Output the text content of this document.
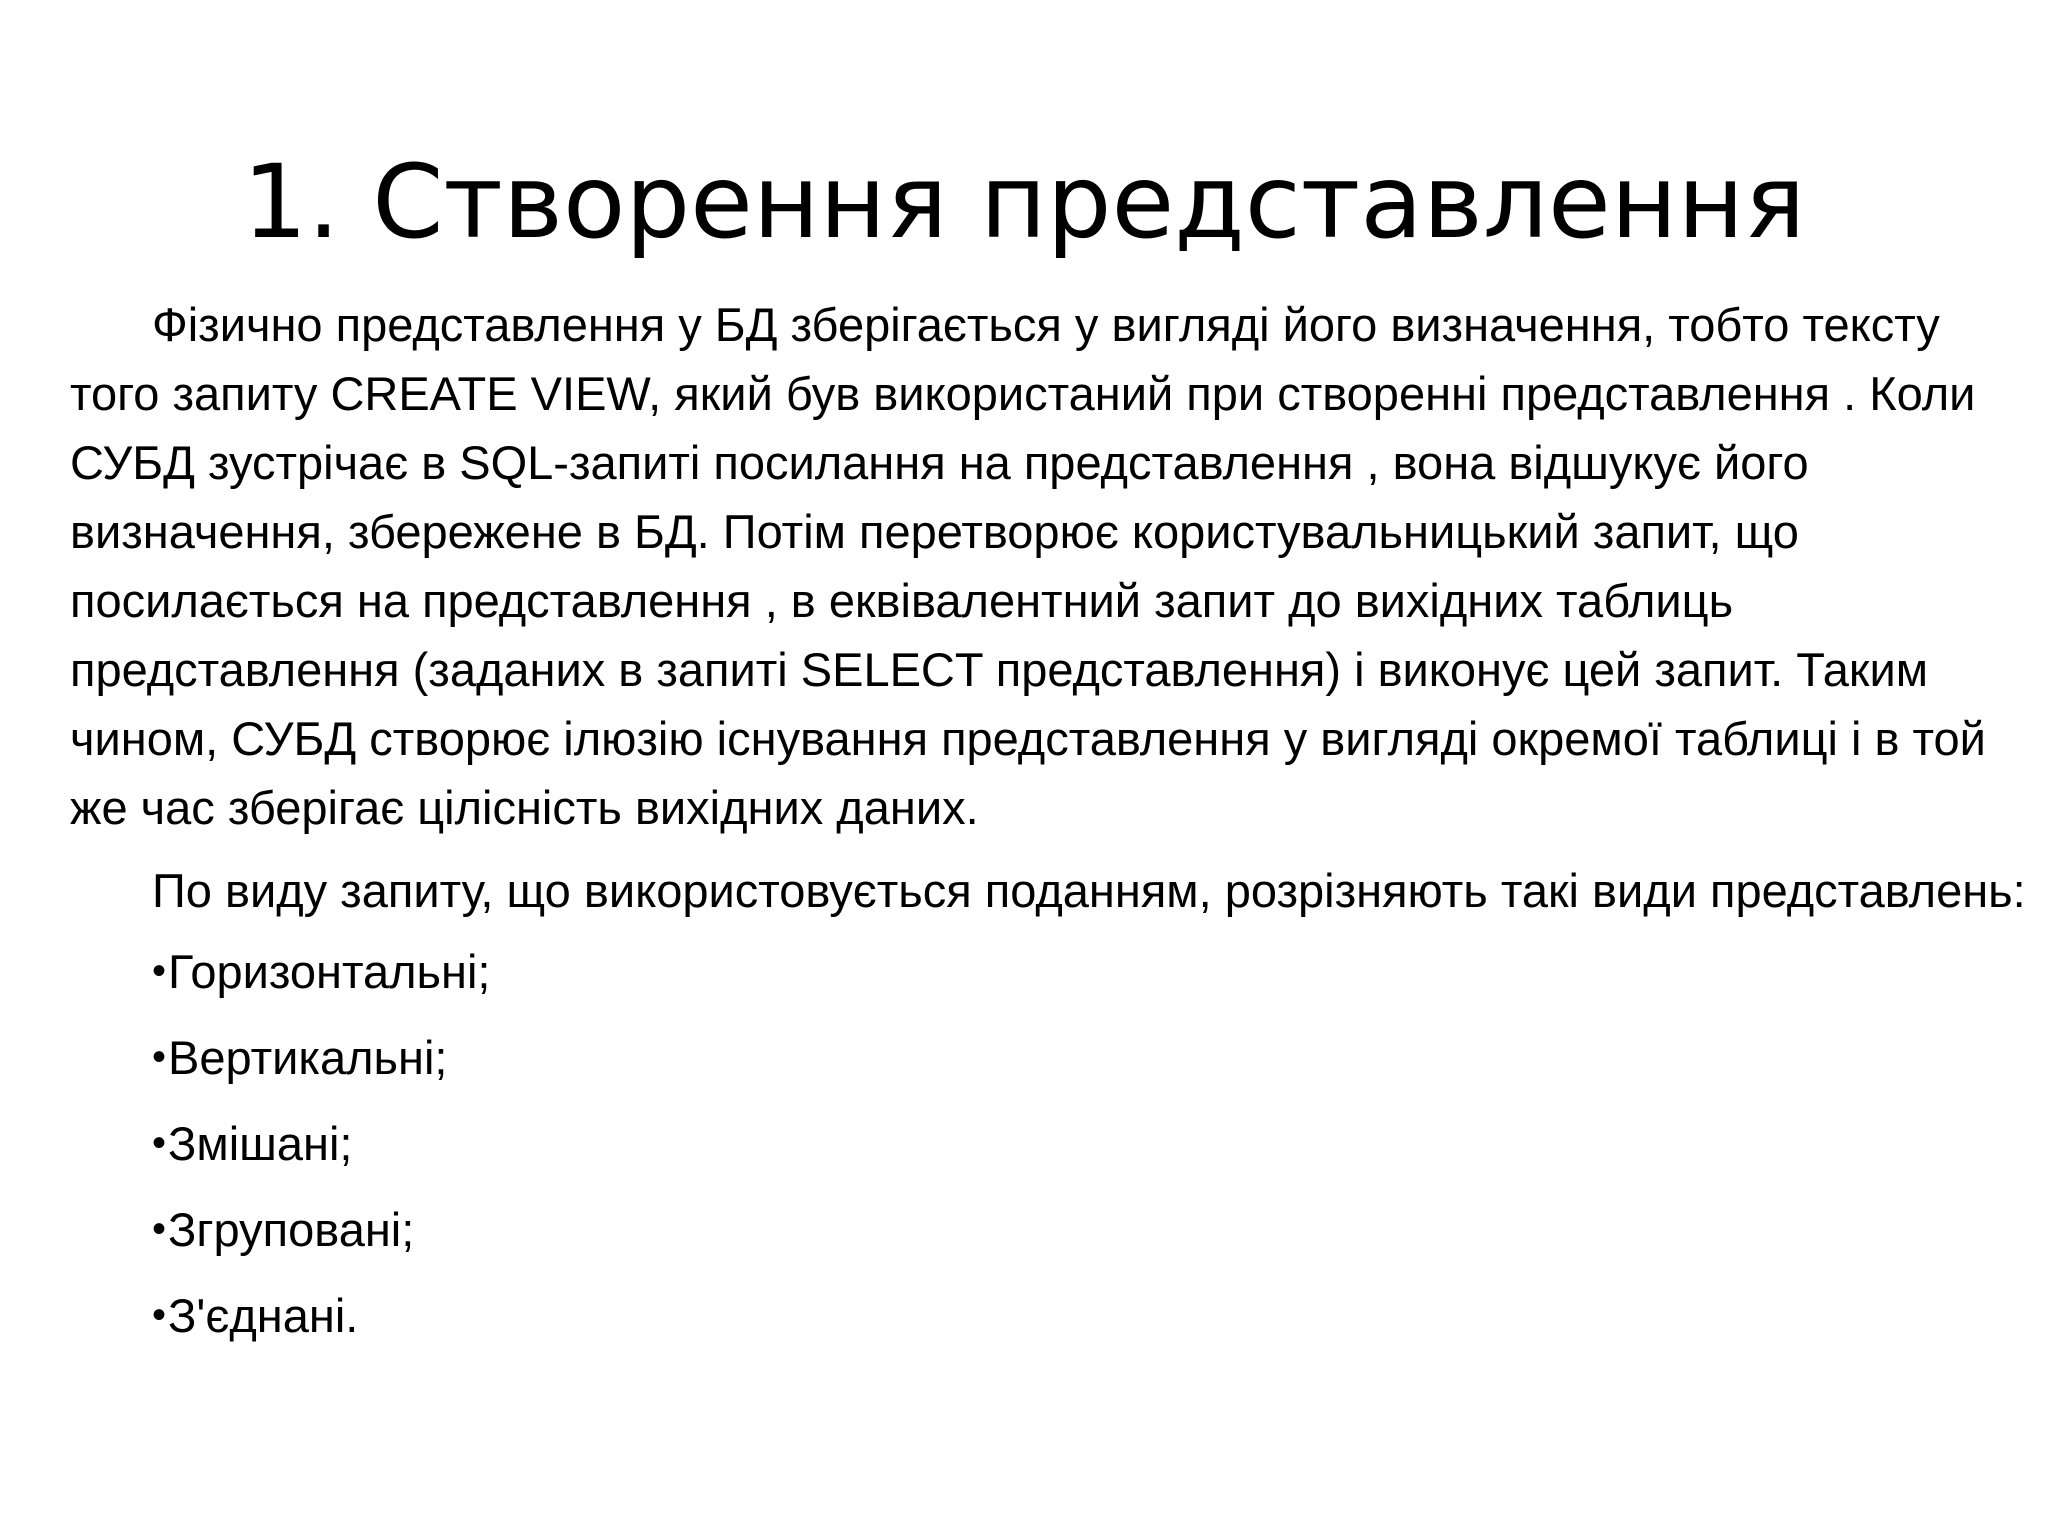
1. Створення представлення

Фізично представлення у БД зберігається у вигляді його визначення, тобто тексту того запиту CREATE VIEW, який був використаний при створенні представлення . Коли СУБД зустрічає в SQL-запиті посилання на представлення , вона відшукує його визначення, збережене в БД. Потім перетворює користувальницький запит, що посилається на представлення , в еквівалентний запит до вихідних таблиць представлення (заданих в запиті SELECT представлення) і виконує цей запит. Таким чином, СУБД створює ілюзію існування представлення у вигляді окремої таблиці і в той же час зберігає цілісність вихідних даних.

По виду запиту, що використовується поданням, розрізняють такі види представлень:

•Горизонтальні;
•Вертикальні;
•Змішані;
•Згруповані;
•З'єднані.
